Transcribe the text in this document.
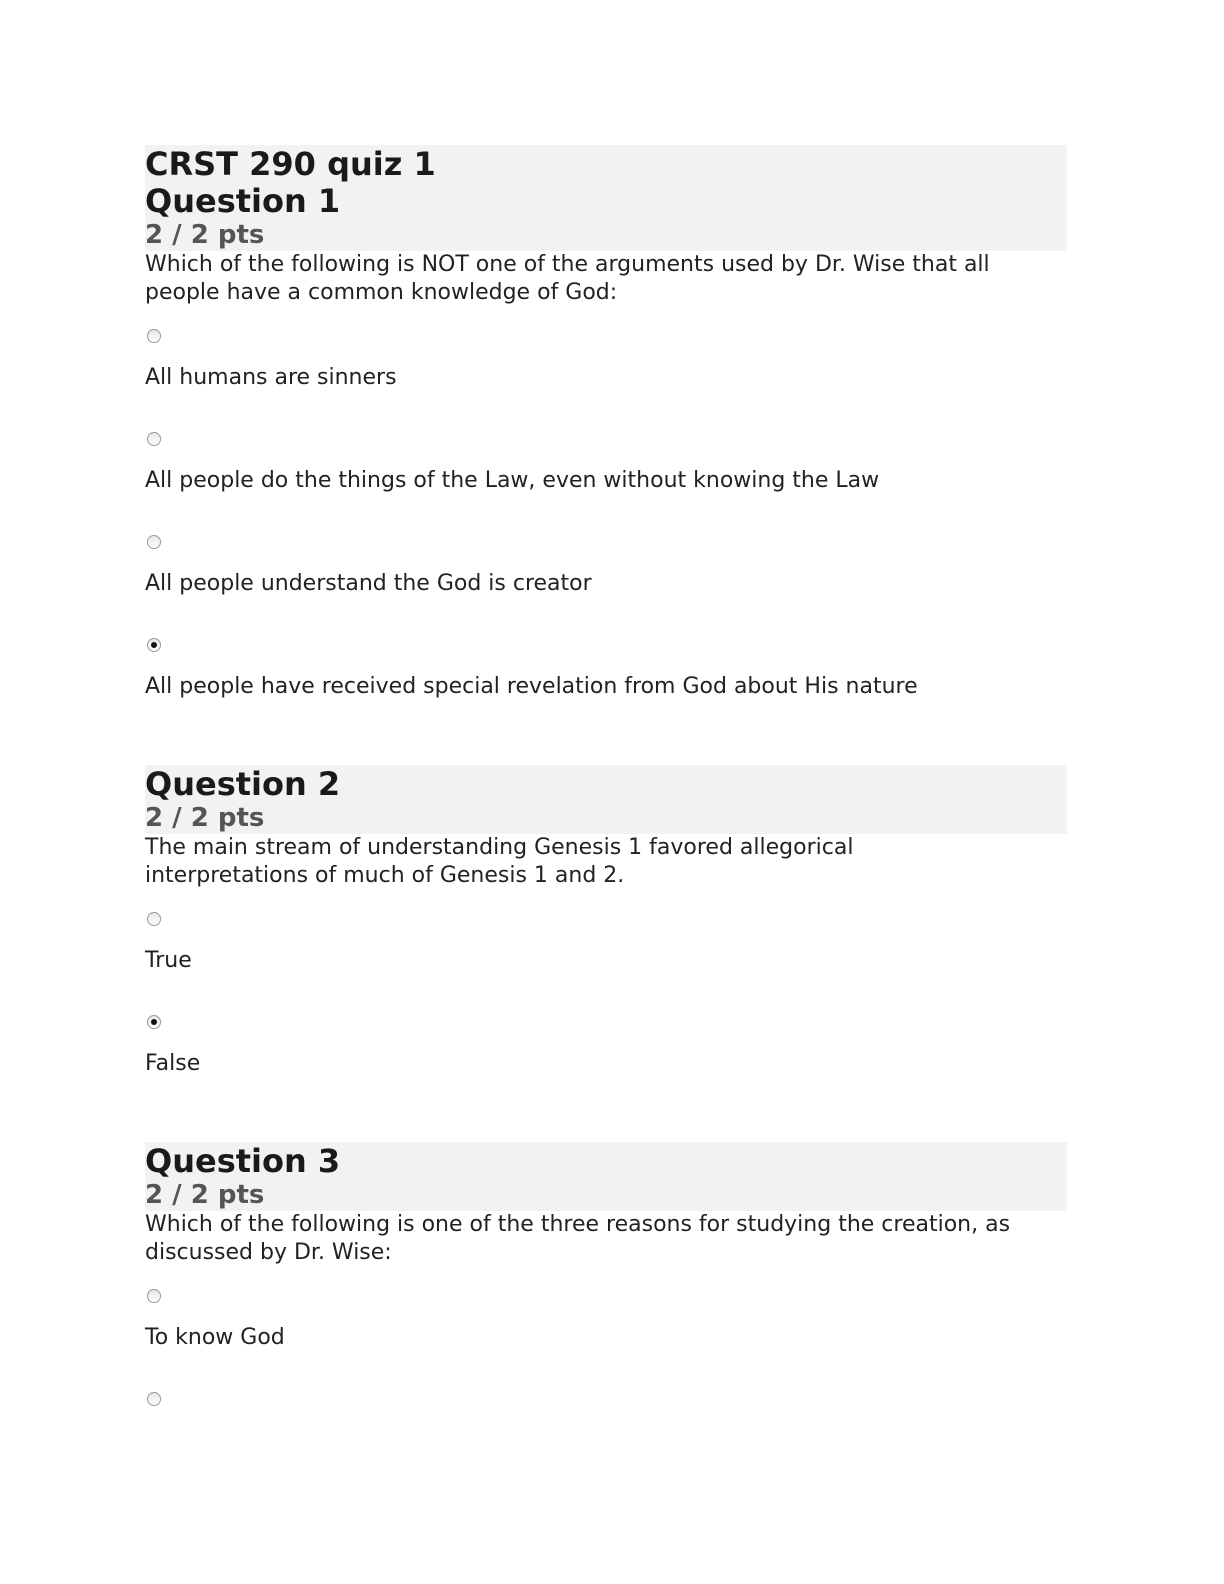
CRST 290 quiz 1
Question 1
2 / 2 pts

Which of the following is NOT one of the arguments used by Dr. Wise that all people have a common knowledge of God:

All humans are sinners
All people do the things of the Law, even without knowing the Law
All people understand the God is creator
All people have received special revelation from God about His nature
Question 2
2 / 2 pts

The main stream of understanding Genesis 1 favored allegorical interpretations of much of Genesis 1 and 2.

True
False
Question 3
2 / 2 pts

Which of the following is one of the three reasons for studying the creation, as discussed by Dr. Wise:

To know God
